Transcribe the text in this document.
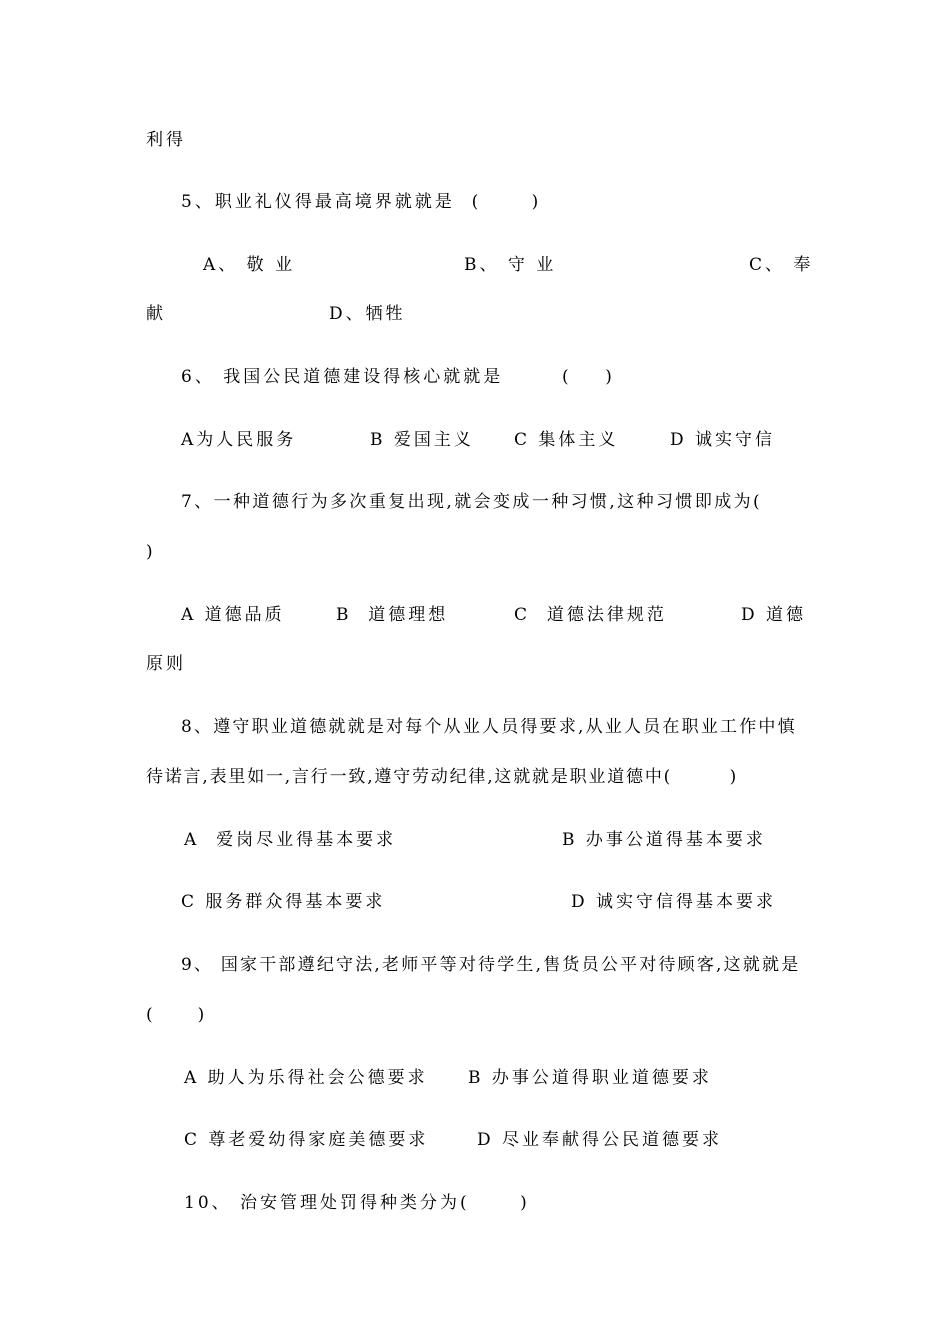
利得
5、职业礼仪得最高境界就就是  (      )
A、 敬 业	B、 守 业	C、 奉
献	D、牺牲
6、 我国公民道德建设得核心就就是       (    )
A为人民服务	B 爱国主义 C 集体主义	D 诚实守信
7、一种道德行为多次重复出现,就会变成一种习惯,这种习惯即成为(
)
A 道德品质	B  道德理想	C  道德法律规范	D 道德
原则
8、遵守职业道德就就是对每个从业人员得要求,从业人员在职业工作中慎
待诺言,表里如一,言行一致,遵守劳动纪律,这就就是职业道德中(        )
A  爱岗尽业得基本要求	B 办事公道得基本要求
C 服务群众得基本要求	D 诚实守信得基本要求
9、 国家干部遵纪守法,老师平等对待学生,售货员公平对待顾客,这就就是
(     )
A 助人为乐得社会公德要求 B 办事公道得职业道德要求
C 尊老爱幼得家庭美德要求	D 尽业奉献得公民道德要求
10、 治安管理处罚得种类分为(      )
